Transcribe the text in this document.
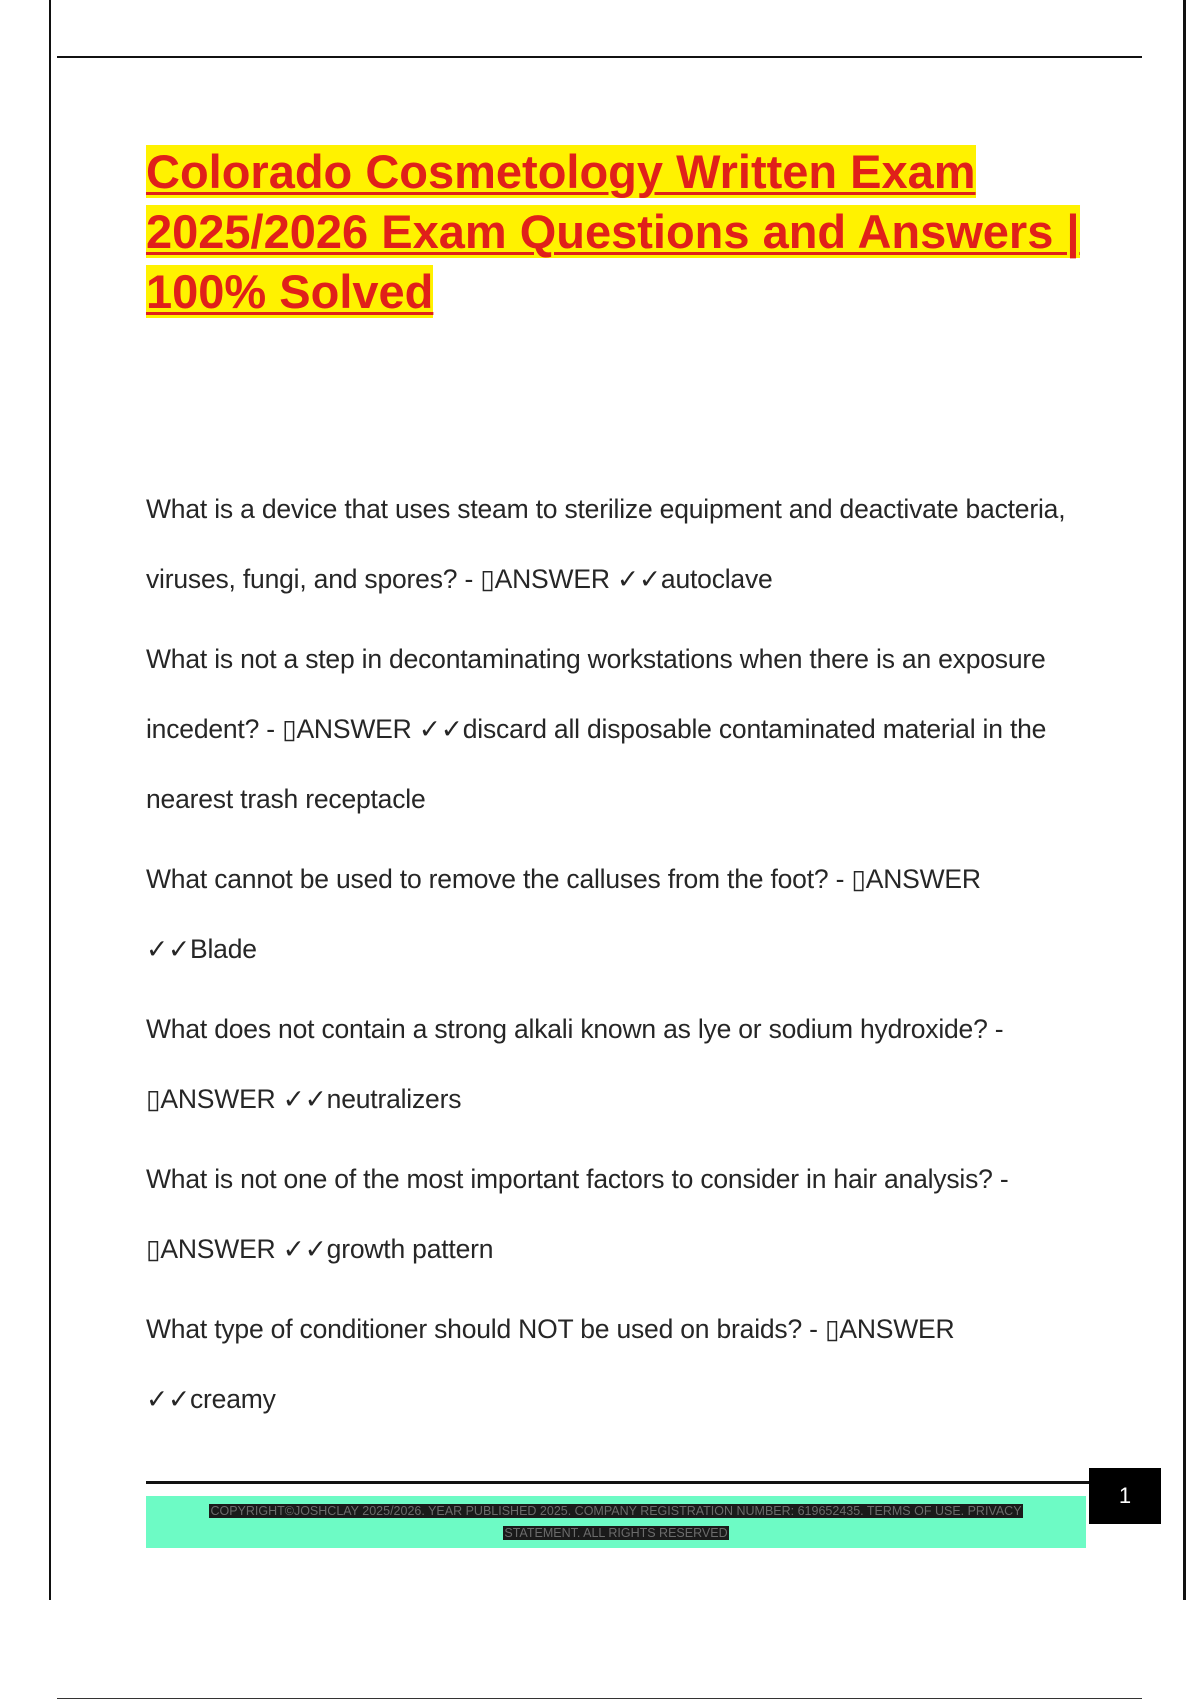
Colorado Cosmetology Written Exam 2025/2026 Exam Questions and Answers | 100% Solved

What is a device that uses steam to sterilize equipment and deactivate bacteria, viruses, fungi, and spores? - ▯ANSWER ✓✓autoclave

What is not a step in decontaminating workstations when there is an exposure incedent? - ▯ANSWER ✓✓discard all disposable contaminated material in the nearest trash receptacle

What cannot be used to remove the calluses from the foot? - ▯ANSWER ✓✓Blade

What does not contain a strong alkali known as lye or sodium hydroxide? - ▯ANSWER ✓✓neutralizers

What is not one of the most important factors to consider in hair analysis? - ▯ANSWER ✓✓growth pattern

What type of conditioner should NOT be used on braids? - ▯ANSWER ✓✓creamy

1
COPYRIGHT©JOSHCLAY 2025/2026. YEAR PUBLISHED 2025. COMPANY REGISTRATION NUMBER: 619652435. TERMS OF USE. PRIVACY STATEMENT. ALL RIGHTS RESERVED
